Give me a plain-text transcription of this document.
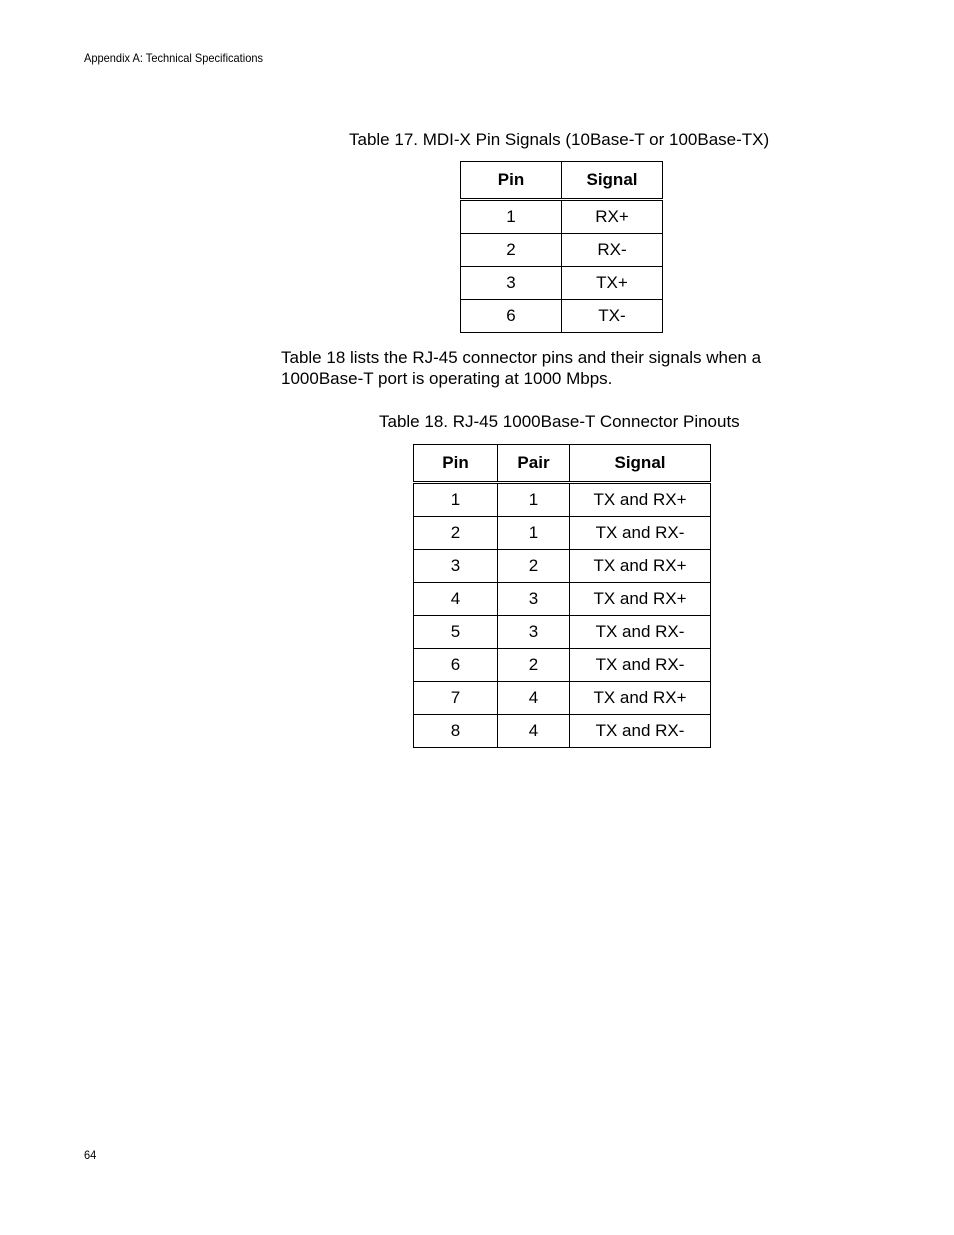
Appendix A: Technical Specifications
Table 17. MDI-X Pin Signals (10Base-T or 100Base-TX)
Pin	Signal
1	RX+
2	RX-
3	TX+
6	TX-
Table 18 lists the RJ-45 connector pins and their signals when a 1000Base-T port is operating at 1000 Mbps.
Table 18. RJ-45 1000Base-T Connector Pinouts
Pin	Pair	Signal
1	1	TX and RX+
2	1	TX and RX-
3	2	TX and RX+
4	3	TX and RX+
5	3	TX and RX-
6	2	TX and RX-
7	4	TX and RX+
8	4	TX and RX-
64
